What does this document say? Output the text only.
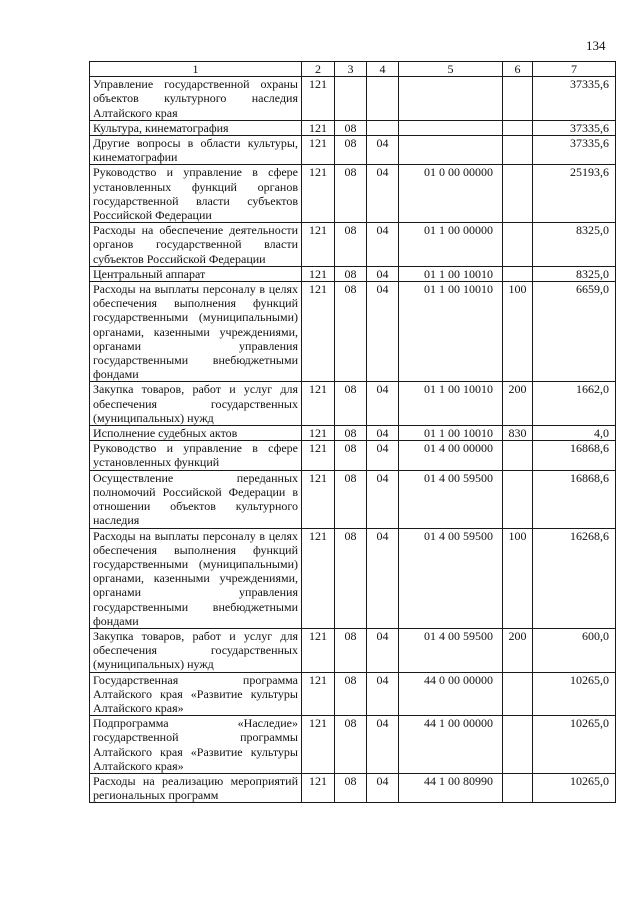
134
1	2	3	4	5	6	7
Управление государственной охраны объектов культурного наследия Алтайского края	121					37335,6
Культура, кинематография	121	08				37335,6
Другие вопросы в области культуры, кинематографии	121	08	04			37335,6
Руководство и управление в сфере установленных функций органов государственной власти субъектов Российской Федерации	121	08	04	01 0 00 00000		25193,6
Расходы на обеспечение деятельности органов государственной власти субъектов Российской Федерации	121	08	04	01 1 00 00000		8325,0
Центральный аппарат	121	08	04	01 1 00 10010		8325,0
Расходы на выплаты персоналу в целях обеспечения выполнения функций государственными (муниципальными) органами, казенными учреждениями, органами управления государственными внебюджетными фондами	121	08	04	01 1 00 10010	100	6659,0
Закупка товаров, работ и услуг для обеспечения государственных (муниципальных) нужд	121	08	04	01 1 00 10010	200	1662,0
Исполнение судебных актов	121	08	04	01 1 00 10010	830	4,0
Руководство и управление в сфере установленных функций	121	08	04	01 4 00 00000		16868,6
Осуществление переданных полномочий Российской Федерации в отношении объектов культурного наследия	121	08	04	01 4 00 59500		16868,6
Расходы на выплаты персоналу в целях обеспечения выполнения функций государственными (муниципальными) органами, казенными учреждениями, органами управления государственными внебюджетными фондами	121	08	04	01 4 00 59500	100	16268,6
Закупка товаров, работ и услуг для обеспечения государственных (муниципальных) нужд	121	08	04	01 4 00 59500	200	600,0
Государственная программа Алтайского края «Развитие культуры Алтайского края»	121	08	04	44 0 00 00000		10265,0
Подпрограмма «Наследие» государственной программы Алтайского края «Развитие культуры Алтайского края»	121	08	04	44 1 00 00000		10265,0
Расходы на реализацию мероприятий региональных программ	121	08	04	44 1 00 80990		10265,0
